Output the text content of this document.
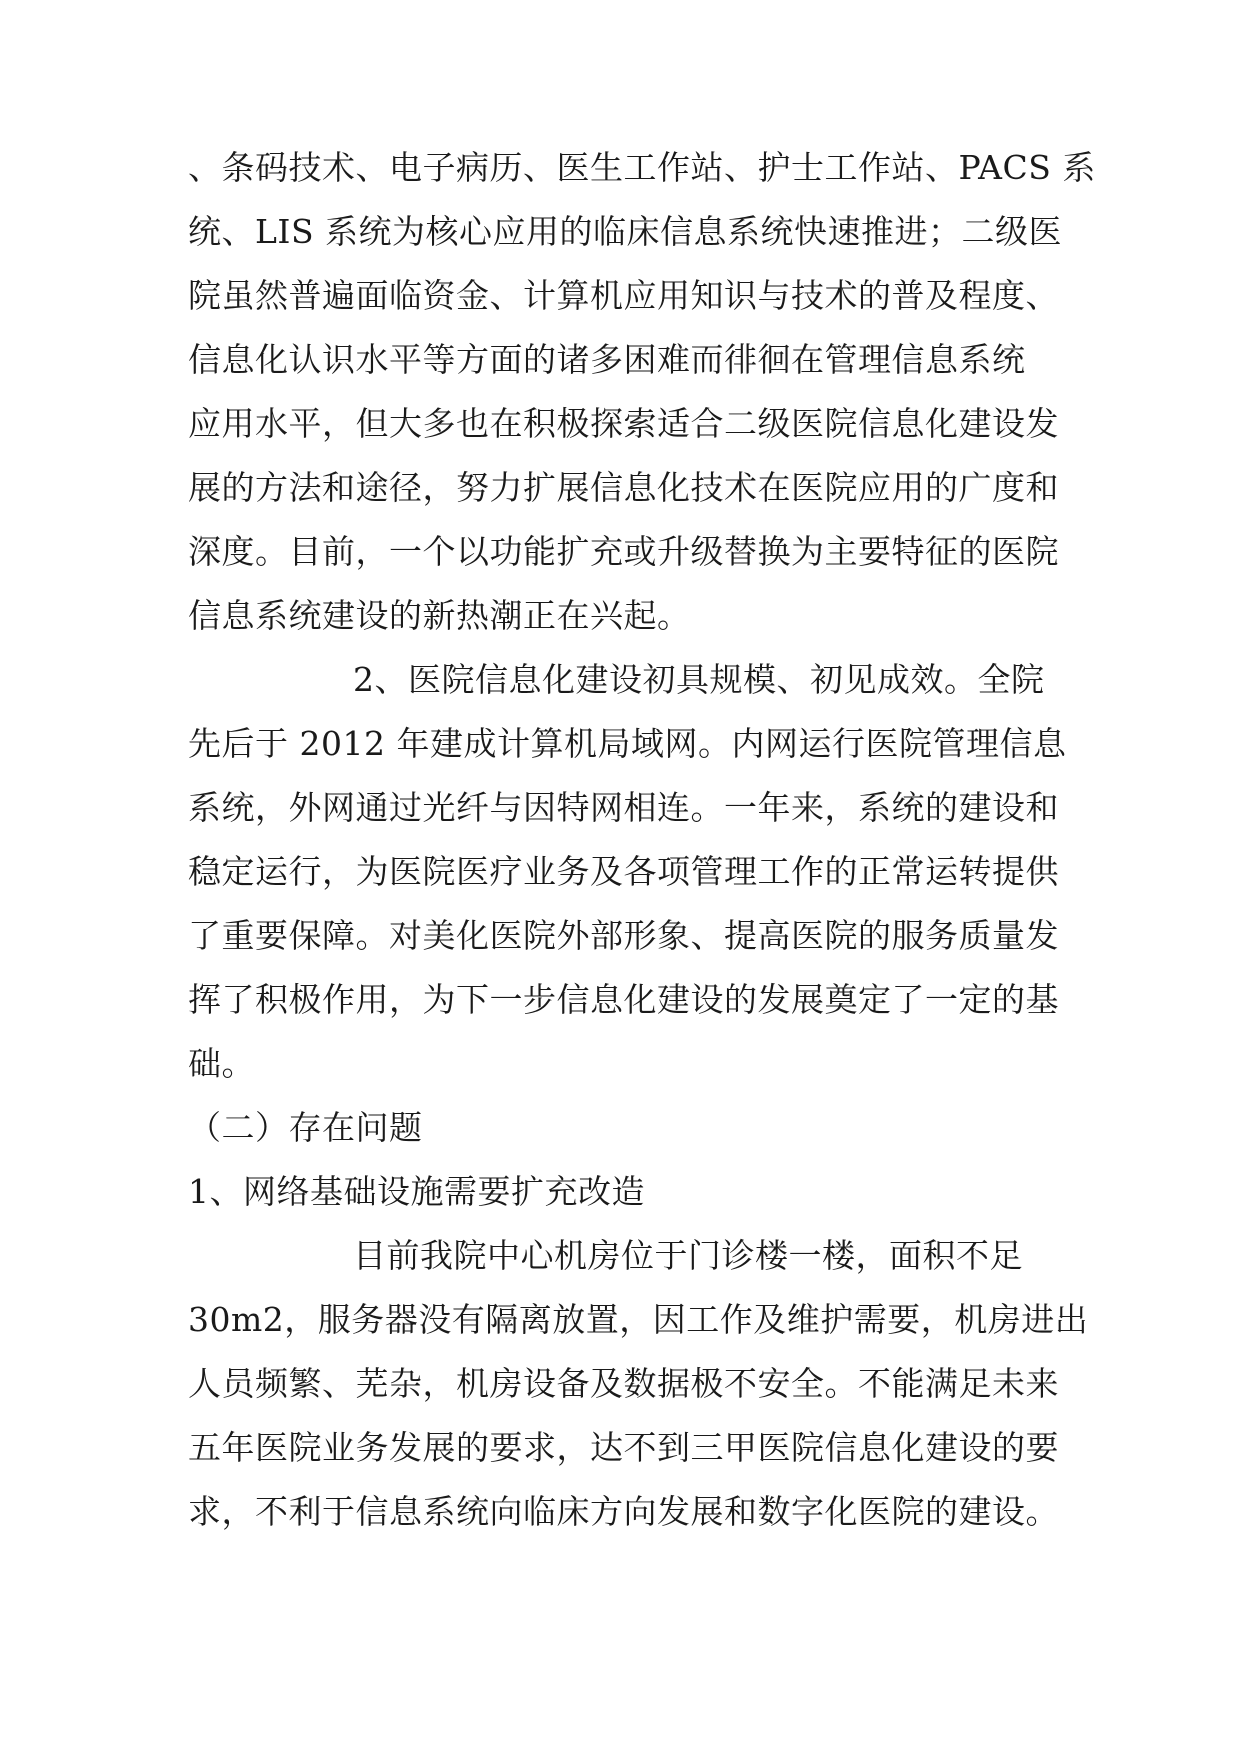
、条码技术、电子病历、医生工作站、护士工作站、PACS 系
统、LIS 系统为核心应用的临床信息系统快速推进；二级医
院虽然普遍面临资金、计算机应用知识与技术的普及程度、
信息化认识水平等方面的诸多困难而徘徊在管理信息系统
应用水平，但大多也在积极探索适合二级医院信息化建设发
展的方法和途径，努力扩展信息化技术在医院应用的广度和
深度。目前，一个以功能扩充或升级替换为主要特征的医院
信息系统建设的新热潮正在兴起。
2、医院信息化建设初具规模、初见成效。全院
先后于 2012 年建成计算机局域网。内网运行医院管理信息
系统，外网通过光纤与因特网相连。一年来，系统的建设和
稳定运行，为医院医疗业务及各项管理工作的正常运转提供
了重要保障。对美化医院外部形象、提高医院的服务质量发
挥了积极作用，为下一步信息化建设的发展奠定了一定的基
础。
（二）存在问题
1、网络基础设施需要扩充改造
目前我院中心机房位于门诊楼一楼，面积不足
30m2，服务器没有隔离放置，因工作及维护需要，机房进出
人员频繁、芜杂，机房设备及数据极不安全。不能满足未来
五年医院业务发展的要求，达不到三甲医院信息化建设的要
求，不利于信息系统向临床方向发展和数字化医院的建设。
